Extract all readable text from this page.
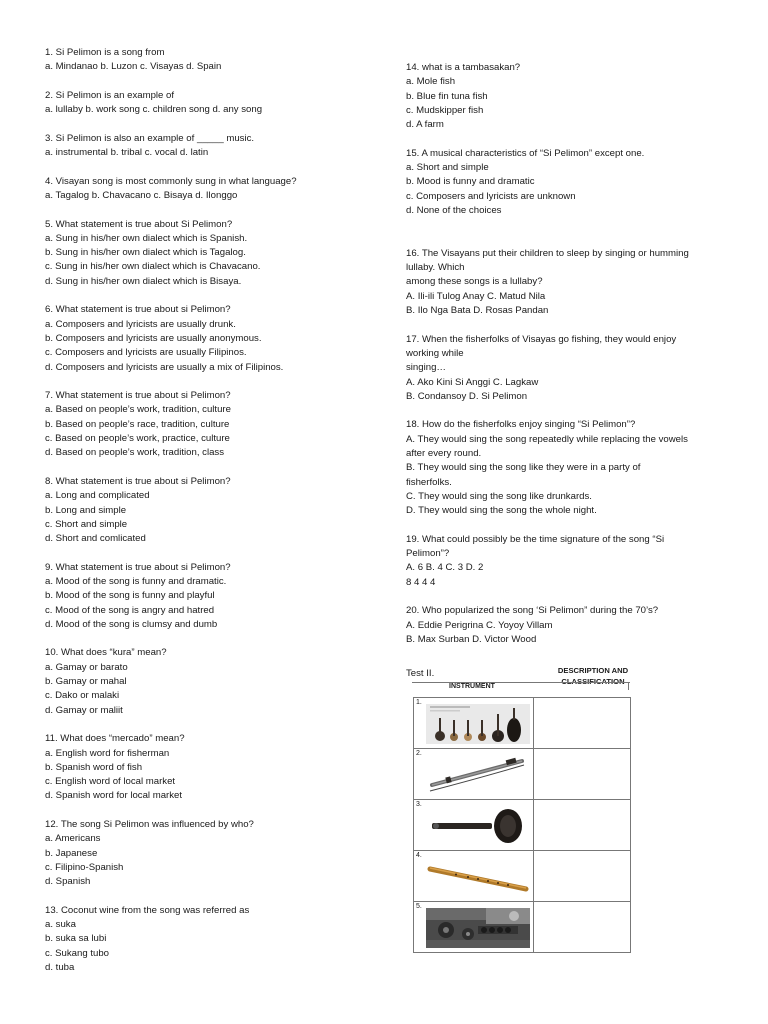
1. Si Pelimon is a song from
a. Mindanao b. Luzon c. Visayas d. Spain
2. Si Pelimon is an example of
a. lullaby b. work song c. children song d. any song
3. Si Pelimon is also an example of _____ music.
a. instrumental b. tribal c. vocal d. latin
4. Visayan song is most commonly sung in what language?
a. Tagalog b. Chavacano c. Bisaya d. Ilonggo
5. What statement is true about Si Pelimon?
a. Sung in his/her own dialect which is Spanish.
b. Sung in his/her own dialect which is Tagalog.
c. Sung in his/her own dialect which is Chavacano.
d. Sung in his/her own dialect which is Bisaya.
6. What statement is true about si Pelimon?
a. Composers and lyricists are usually drunk.
b. Composers and lyricists are usually anonymous.
c. Composers and lyricists are usually Filipinos.
d. Composers and lyricists are usually a mix of Filipinos.
7. What statement is true about si Pelimon?
a. Based on people’s work, tradition, culture
b. Based on people’s race, tradition, culture
c. Based on people’s work, practice, culture
d. Based on people’s work, tradition, class
8. What statement is true about si Pelimon?
a. Long and complicated
b. Long and simple
c. Short and simple
d. Short and comlicated
9. What statement is true about si Pelimon?
a. Mood of the song is funny and dramatic.
b. Mood of the song is funny and playful
c. Mood of the song is angry and hatred
d. Mood of the song is clumsy and dumb
10. What does “kura” mean?
a. Gamay or barato
b. Gamay or mahal
c. Dako or malaki
d. Gamay or maliit
11. What does “mercado” mean?
a. English word for fisherman
b. Spanish word of fish
c. English word of local market
d. Spanish word for local market
12. The song Si Pelimon was influenced by who?
a. Americans
b. Japanese
c. Filipino-Spanish
d. Spanish
13. Coconut wine from the song was referred as
a. suka
b. suka sa lubi
c. Sukang tubo
d. tuba
14. what is a tambasakan?
a. Mole fish
b. Blue fin tuna fish
c. Mudskipper fish
d. A farm
15. A musical characteristics of “Si Pelimon” except one.
a. Short and simple
b. Mood is funny and dramatic
c. Composers and lyricists are unknown
d. None of the choices
16. The Visayans put their children to sleep by singing or humming
lullaby. Which
among these songs is a lullaby?
A. Ili-ili Tulog Anay C. Matud Nila
B. Ilo Nga Bata D. Rosas Pandan
17. When the fisherfolks of Visayas go fishing, they would enjoy
working while
singing…
A. Ako Kini Si Anggi C. Lagkaw
B. Condansoy D. Si Pelimon
18. How do the fisherfolks enjoy singing “Si Pelimon”?
A. They would sing the song repeatedly while replacing the vowels
after every round.
B. They would sing the song like they were in a party of
fisherfolks.
C. They would sing the song like drunkards.
D. They would sing the song the whole night.
19. What could possibly be the time signature of the song “Si
Pelimon”?
A. 6 B. 4 C. 3 D. 2
8 4 4 4
20. Who popularized the song ‘Si Pelimon” during the 70’s?
A. Eddie Perigrina C. Yoyoy Villam
B. Max Surban D. Victor Wood
Test II.	DESCRIPTION AND
CLASSIFICATION
INSTRUMENT
1.
2.
3.
4.
5.
